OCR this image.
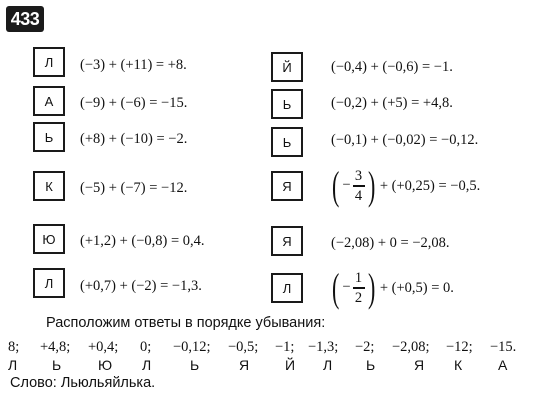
433
Л	(−3) + (+11) = +8.
А	(−9) + (−6) = −15.
Ь	(+8) + (−10) = −2.
К	(−5) + (−7) = −12.
Ю	(+1,2) + (−0,8) = 0,4.
Л	(+0,7) + (−2) = −1,3.
Й	(−0,4) + (−0,6) = −1.
Ь	(−0,2) + (+5) = +4,8.
Ь	(−0,1) + (−0,02) = −0,12.
Я ( −
3
4 ) + (+0,25) = −0,5.
Я	(−2,08) + 0 = −2,08.
Л ( −
1
2 ) + (+0,5) = 0.
Расположим ответы в порядке убывания:
8; +4,8; +0,4; 0; −0,12; −0,5; −1; −1,3; −2; −2,08; −12; −15.
Л Ь	Ю Л	Ь	Я	Й Л Ь	Я К	А
Слово: Льюльяйлька.
